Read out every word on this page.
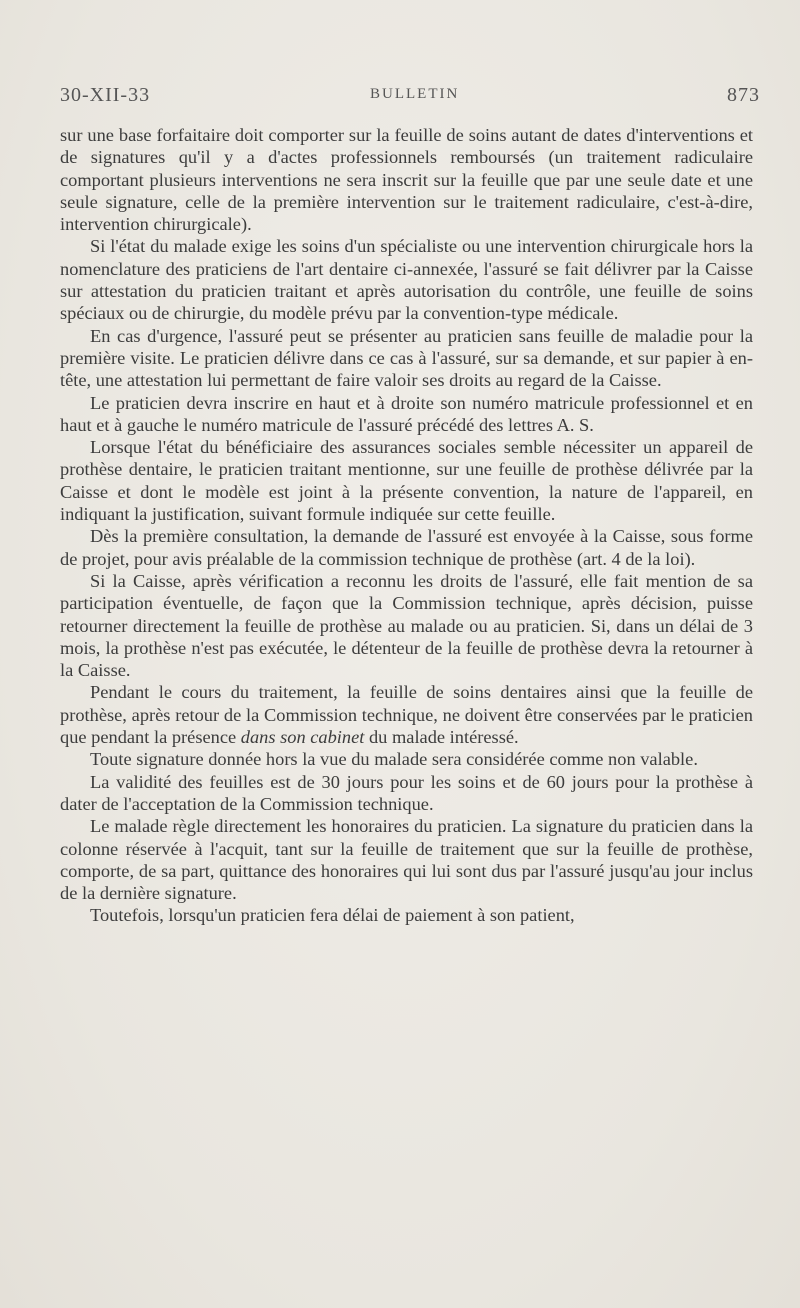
30-XII-33	BULLETIN	873

sur une base forfaitaire doit comporter sur la feuille de soins autant de dates d'interventions et de signatures qu'il y a d'actes professionnels remboursés (un traitement radiculaire comportant plusieurs interventions ne sera inscrit sur la feuille que par une seule date et une seule signature, celle de la première intervention sur le traitement radiculaire, c'est-à-dire, intervention chirurgicale).

Si l'état du malade exige les soins d'un spécialiste ou une intervention chirurgicale hors la nomenclature des praticiens de l'art dentaire ci-annexée, l'assuré se fait délivrer par la Caisse sur attestation du praticien traitant et après autorisation du contrôle, une feuille de soins spéciaux ou de chirurgie, du modèle prévu par la convention-type médicale.

En cas d'urgence, l'assuré peut se présenter au praticien sans feuille de maladie pour la première visite. Le praticien délivre dans ce cas à l'assuré, sur sa demande, et sur papier à en-tête, une attestation lui permettant de faire valoir ses droits au regard de la Caisse.

Le praticien devra inscrire en haut et à droite son numéro matricule professionnel et en haut et à gauche le numéro matricule de l'assuré précédé des lettres A. S.

Lorsque l'état du bénéficiaire des assurances sociales semble nécessiter un appareil de prothèse dentaire, le praticien traitant mentionne, sur une feuille de prothèse délivrée par la Caisse et dont le modèle est joint à la présente convention, la nature de l'appareil, en indiquant la justification, suivant formule indiquée sur cette feuille.

Dès la première consultation, la demande de l'assuré est envoyée à la Caisse, sous forme de projet, pour avis préalable de la commission technique de prothèse (art. 4 de la loi).

Si la Caisse, après vérification a reconnu les droits de l'assuré, elle fait mention de sa participation éventuelle, de façon que la Commission technique, après décision, puisse retourner directement la feuille de prothèse au malade ou au praticien. Si, dans un délai de 3 mois, la prothèse n'est pas exécutée, le détenteur de la feuille de prothèse devra la retourner à la Caisse.

Pendant le cours du traitement, la feuille de soins dentaires ainsi que la feuille de prothèse, après retour de la Commission technique, ne doivent être conservées par le praticien que pendant la présence dans son cabinet du malade intéressé.

Toute signature donnée hors la vue du malade sera considérée comme non valable.

La validité des feuilles est de 30 jours pour les soins et de 60 jours pour la prothèse à dater de l'acceptation de la Commission technique.

Le malade règle directement les honoraires du praticien. La signature du praticien dans la colonne réservée à l'acquit, tant sur la feuille de traitement que sur la feuille de prothèse, comporte, de sa part, quittance des honoraires qui lui sont dus par l'assuré jusqu'au jour inclus de la dernière signature.

Toutefois, lorsqu'un praticien fera délai de paiement à son patient,
